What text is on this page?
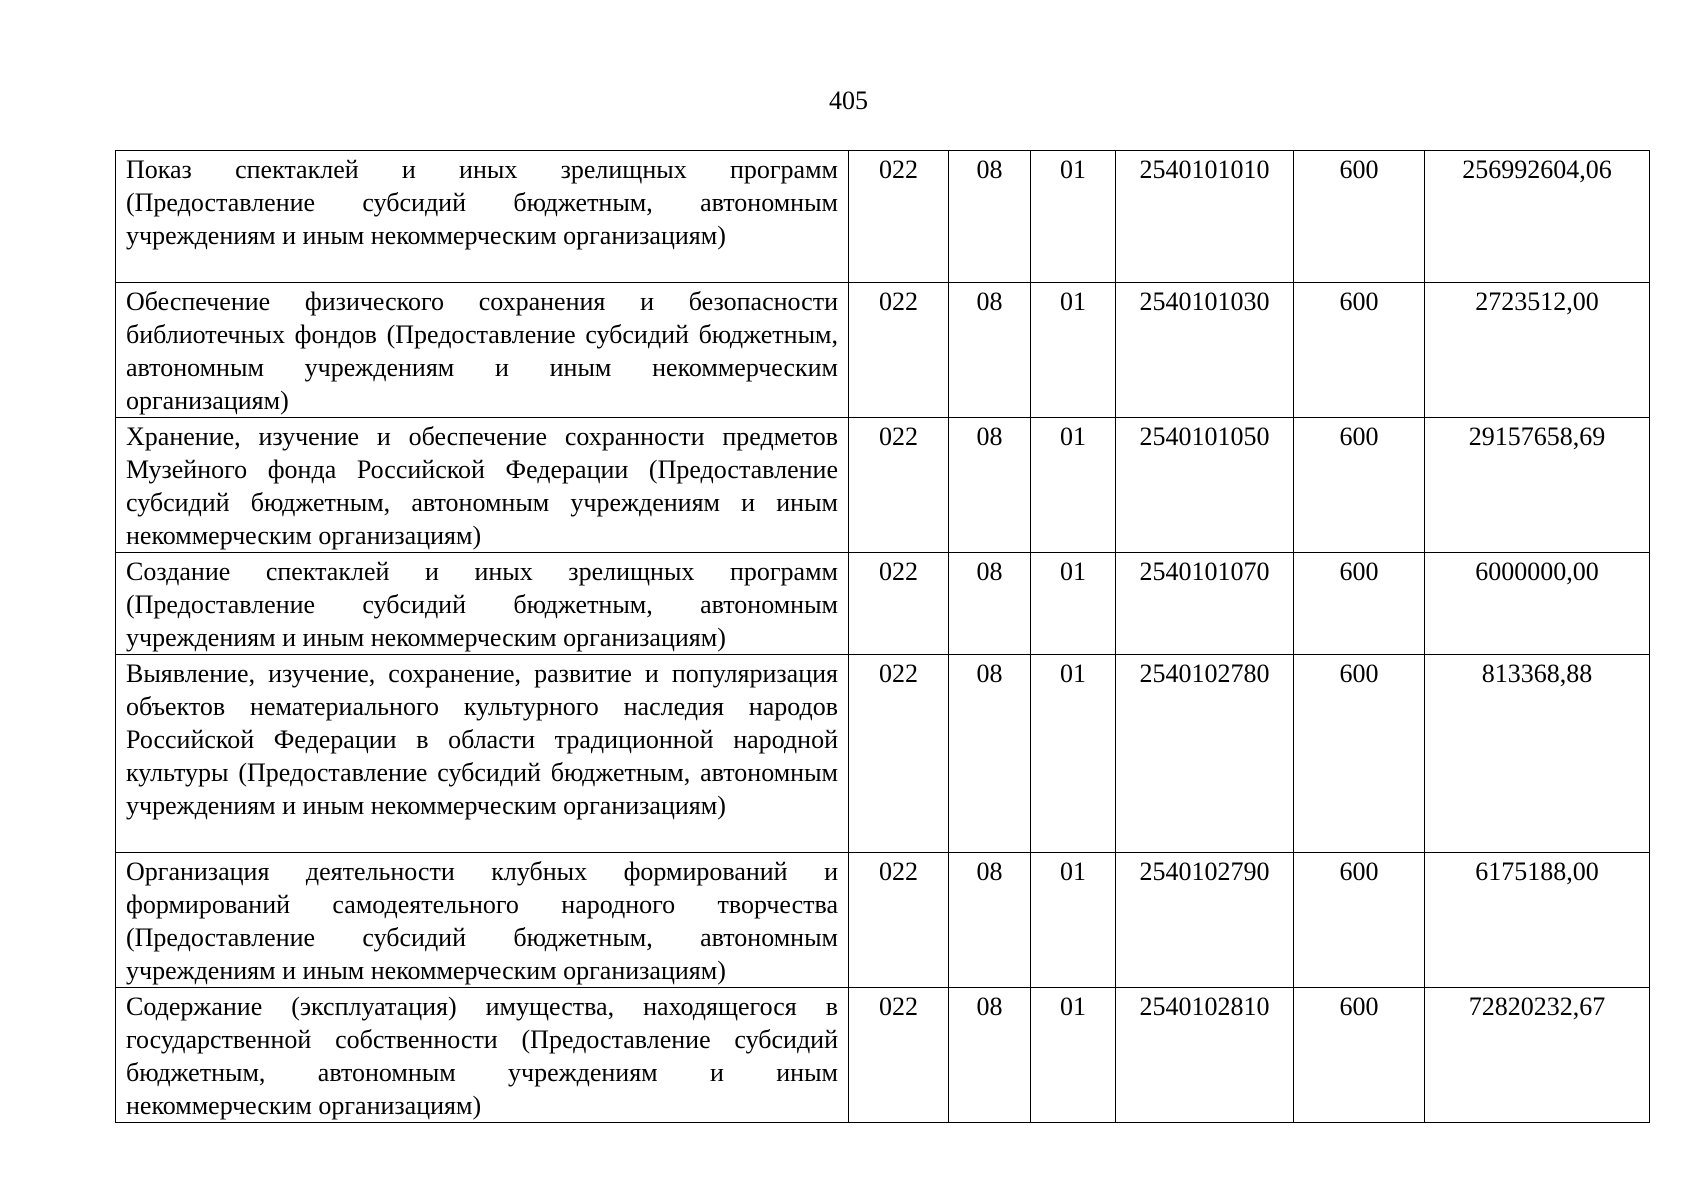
405
Показ спектаклей и иных зрелищных программ (Предоставление субсидий бюджетным, автономным учреждениям и иным некоммерческим организациям)	022	08	01	2540101010	600	256992604,06
Обеспечение физического сохранения и безопасности библиотечных фондов (Предоставление субсидий бюджетным, автономным учреждениям и иным некоммерческим организациям)	022	08	01	2540101030	600	2723512,00
Хранение, изучение и обеспечение сохранности предметов Музейного фонда Российской Федерации (Предоставление субсидий бюджетным, автономным учреждениям и иным некоммерческим организациям)	022	08	01	2540101050	600	29157658,69
Создание спектаклей и иных зрелищных программ (Предоставление субсидий бюджетным, автономным учреждениям и иным некоммерческим организациям)	022	08	01	2540101070	600	6000000,00
Выявление, изучение, сохранение, развитие и популяризация объектов нематериального культурного наследия народов Российской Федерации в области традиционной народной культуры (Предоставление субсидий бюджетным, автономным учреждениям и иным некоммерческим организациям)	022	08	01	2540102780	600	813368,88
Организация деятельности клубных формирований и формирований самодеятельного народного творчества (Предоставление субсидий бюджетным, автономным учреждениям и иным некоммерческим организациям)	022	08	01	2540102790	600	6175188,00
Содержание (эксплуатация) имущества, находящегося в государственной собственности (Предоставление субсидий бюджетным, автономным учреждениям и иным некоммерческим организациям)	022	08	01	2540102810	600	72820232,67
